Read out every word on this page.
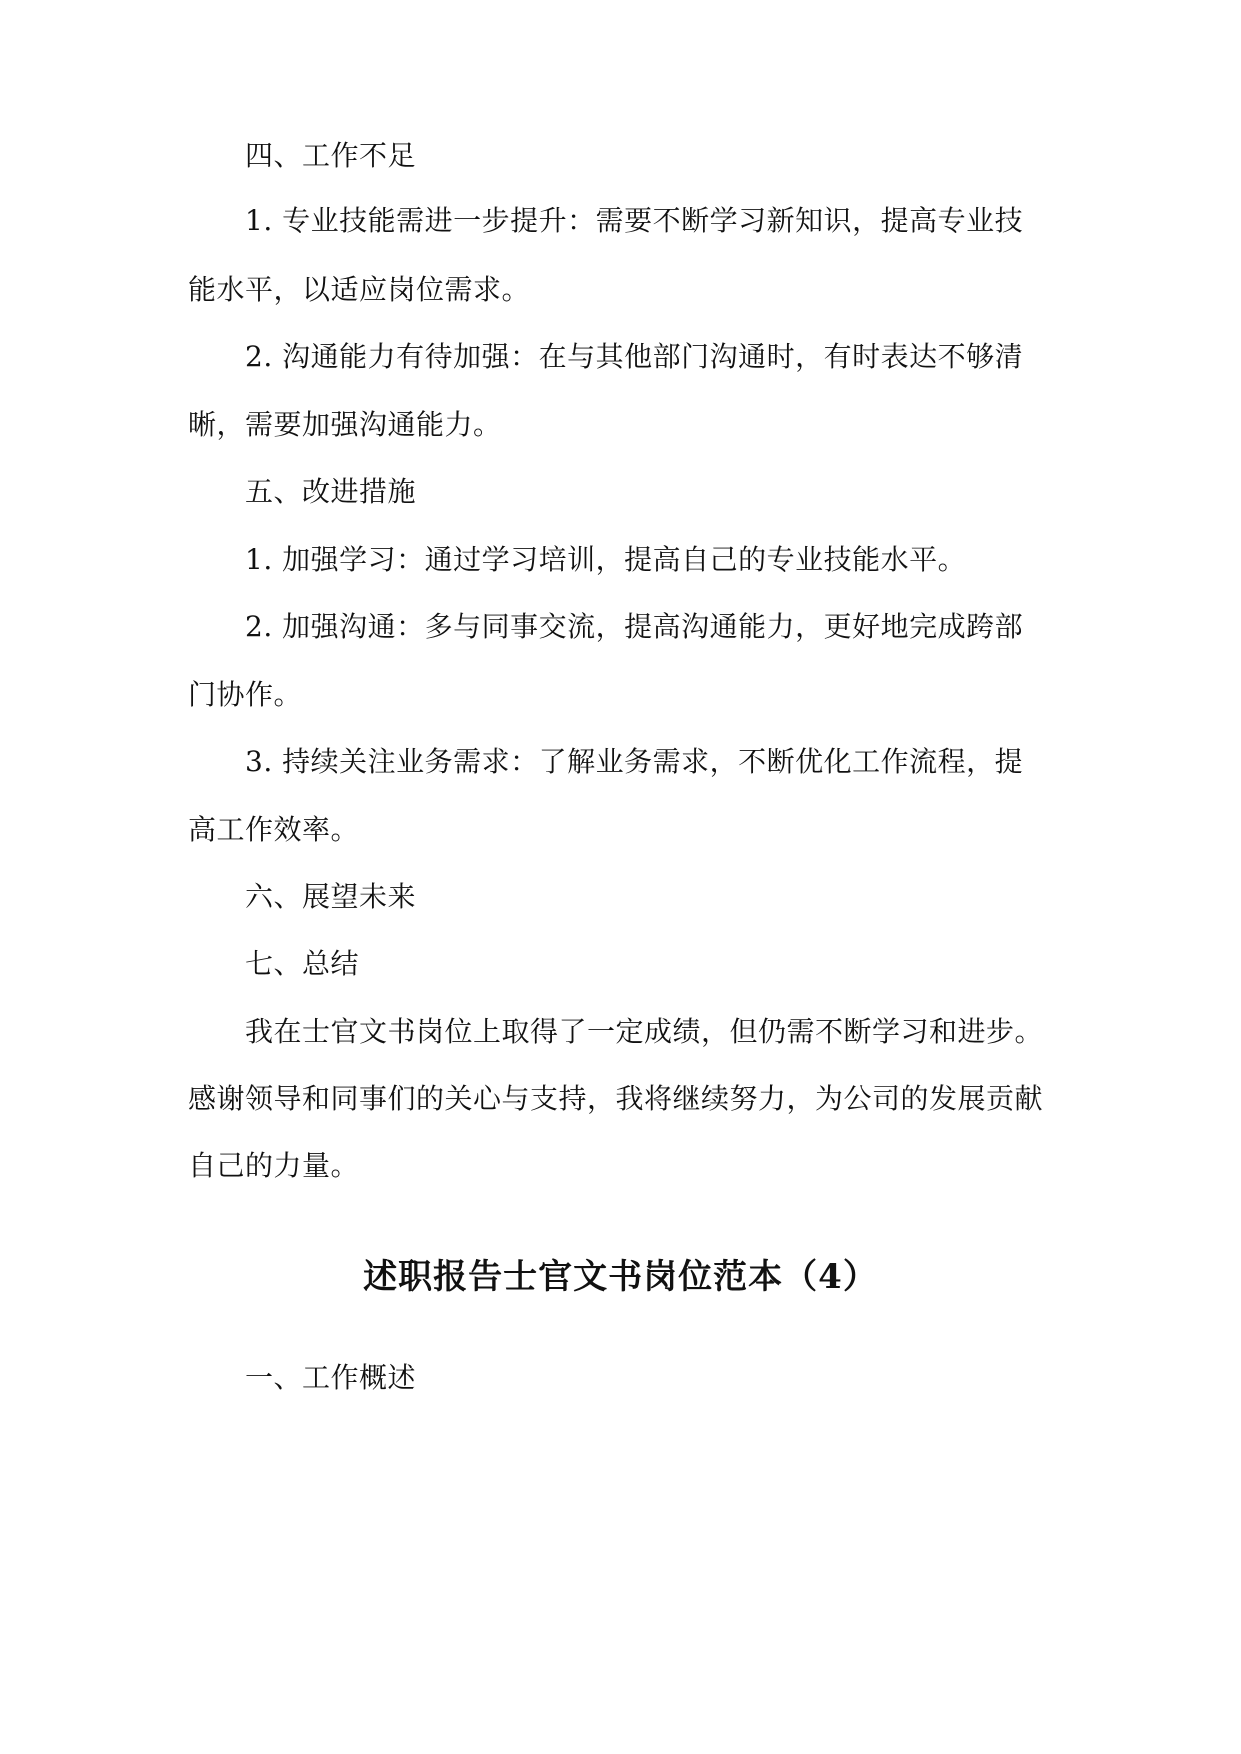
四、工作不足
1. 专业技能需进一步提升：需要不断学习新知识，提高专业技
能水平，以适应岗位需求。
2. 沟通能力有待加强：在与其他部门沟通时，有时表达不够清
晰，需要加强沟通能力。
五、改进措施
1. 加强学习：通过学习培训，提高自己的专业技能水平。
2. 加强沟通：多与同事交流，提高沟通能力，更好地完成跨部
门协作。
3. 持续关注业务需求：了解业务需求，不断优化工作流程，提
高工作效率。
六、展望未来
七、总结
我在士官文书岗位上取得了一定成绩，但仍需不断学习和进步。
感谢领导和同事们的关心与支持，我将继续努力，为公司的发展贡献
自己的力量。
述职报告士官文书岗位范本（4）
一、工作概述
